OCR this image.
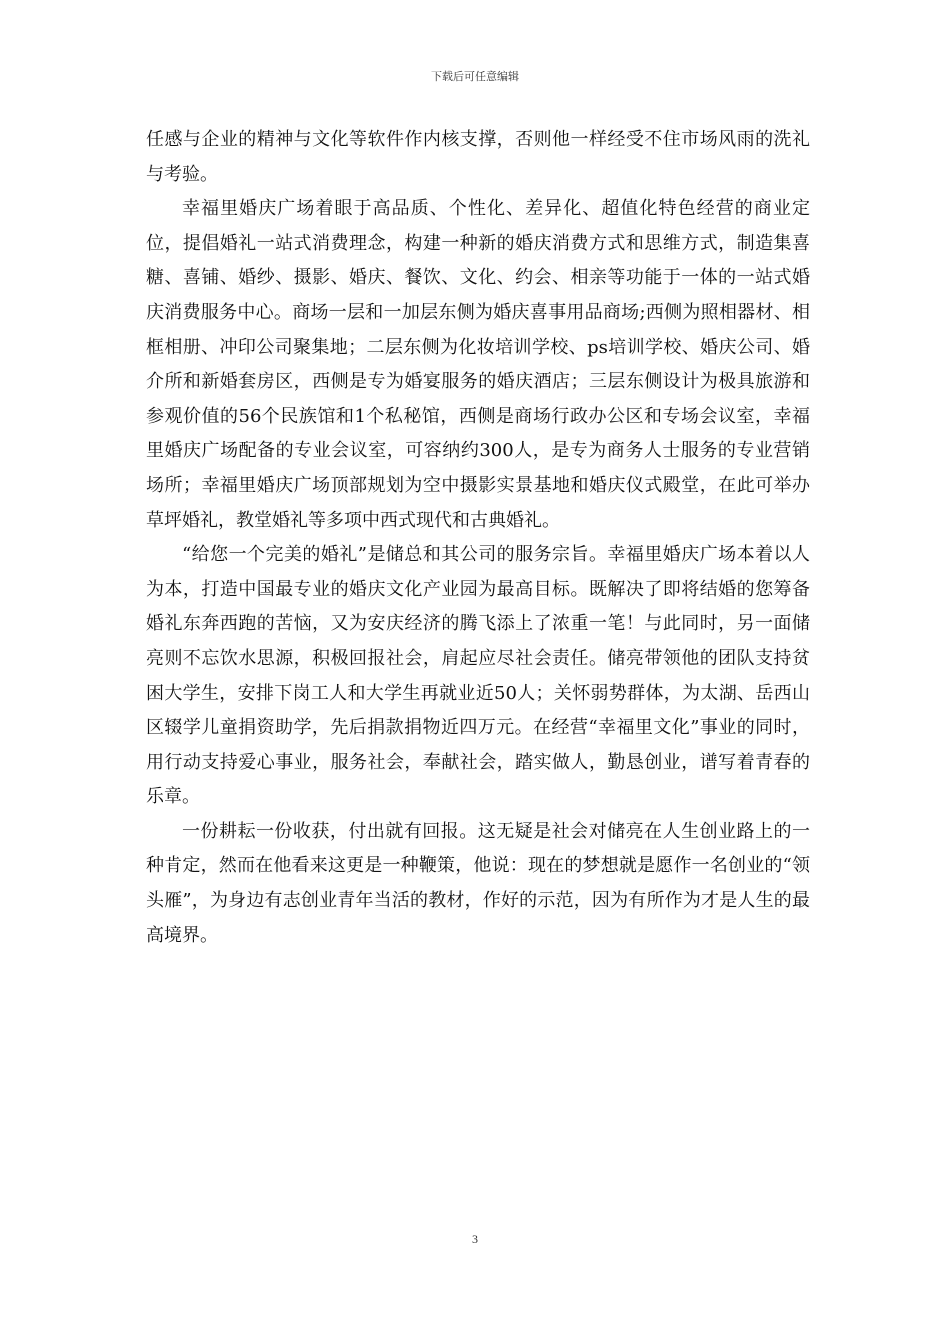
下载后可任意编辑

任感与企业的精神与文化等软件作内核支撑，否则他一样经受不住市场风雨的洗礼与考验。

幸福里婚庆广场着眼于高品质、个性化、差异化、超值化特色经营的商业定位，提倡婚礼一站式消费理念，构建一种新的婚庆消费方式和思维方式，制造集喜糖、喜铺、婚纱、摄影、婚庆、餐饮、文化、约会、相亲等功能于一体的一站式婚庆消费服务中心。商场一层和一加层东侧为婚庆喜事用品商场;西侧为照相器材、相框相册、冲印公司聚集地；二层东侧为化妆培训学校、ps培训学校、婚庆公司、婚介所和新婚套房区，西侧是专为婚宴服务的婚庆酒店；三层东侧设计为极具旅游和参观价值的56个民族馆和1个私秘馆，西侧是商场行政办公区和专场会议室，幸福里婚庆广场配备的专业会议室，可容纳约300人，是专为商务人士服务的专业营销场所；幸福里婚庆广场顶部规划为空中摄影实景基地和婚庆仪式殿堂，在此可举办草坪婚礼，教堂婚礼等多项中西式现代和古典婚礼。

“给您一个完美的婚礼”是储总和其公司的服务宗旨。幸福里婚庆广场本着以人为本，打造中国最专业的婚庆文化产业园为最高目标。既解决了即将结婚的您筹备婚礼东奔西跑的苦恼，又为安庆经济的腾飞添上了浓重一笔！与此同时，另一面储亮则不忘饮水思源，积极回报社会，肩起应尽社会责任。储亮带领他的团队支持贫困大学生，安排下岗工人和大学生再就业近50人；关怀弱势群体，为太湖、岳西山区辍学儿童捐资助学，先后捐款捐物近四万元。在经营“幸福里文化”事业的同时，用行动支持爱心事业，服务社会，奉献社会，踏实做人，勤恳创业，谱写着青春的乐章。

一份耕耘一份收获，付出就有回报。这无疑是社会对储亮在人生创业路上的一种肯定，然而在他看来这更是一种鞭策，他说：现在的梦想就是愿作一名创业的“领头雁”，为身边有志创业青年当活的教材，作好的示范，因为有所作为才是人生的最高境界。

3
